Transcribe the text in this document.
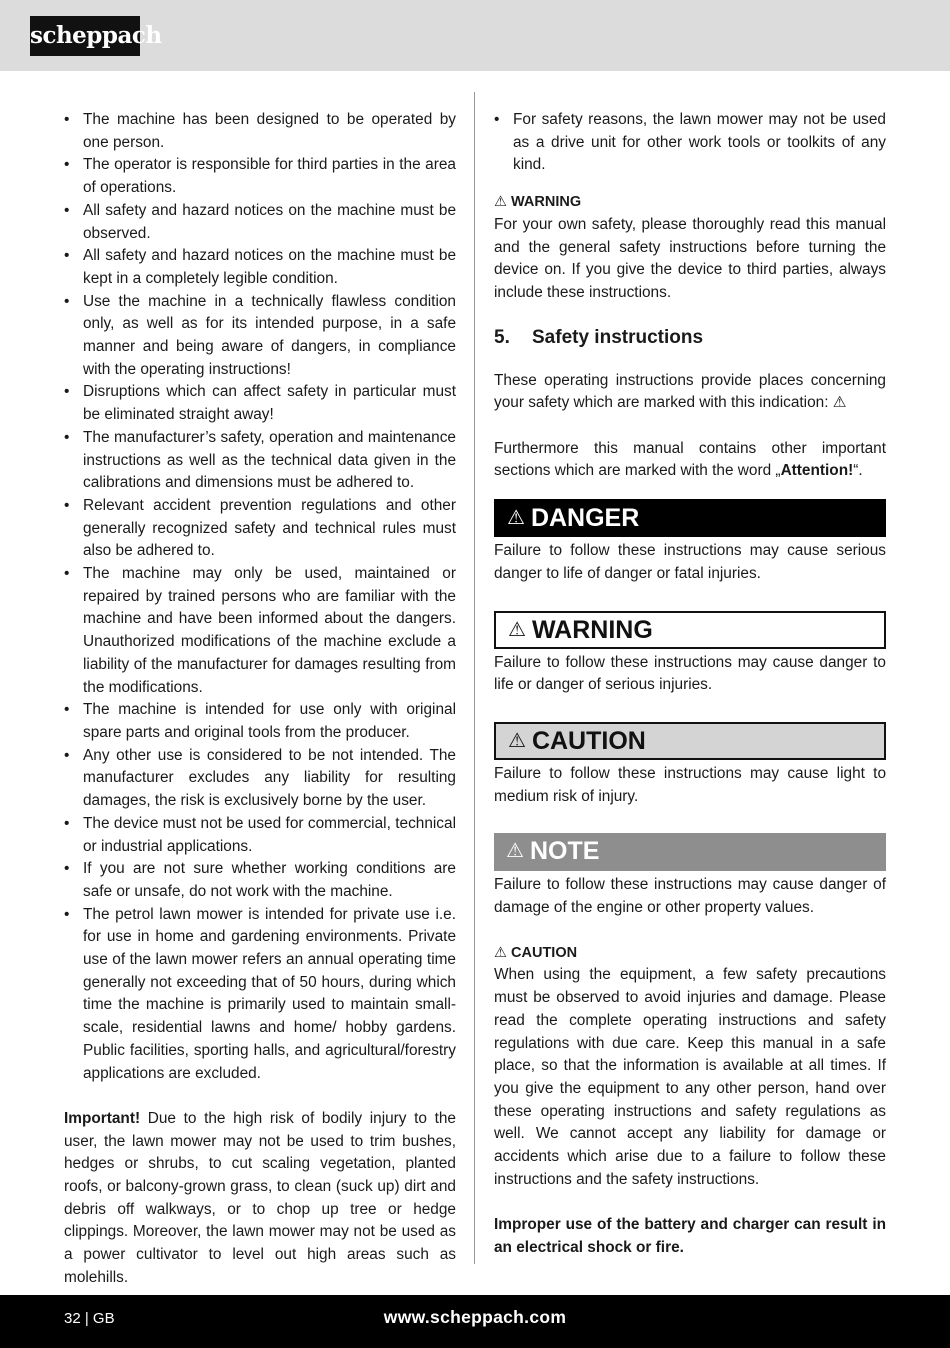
scheppach
• The machine has been designed to be operated by one person.
• The operator is responsible for third parties in the area of operations.
• All safety and hazard notices on the machine must be observed.
• All safety and hazard notices on the machine must be kept in a completely legible condition.
• Use the machine in a technically flawless condition only, as well as for its intended purpose, in a safe manner and being aware of dangers, in compliance with the operating instructions!
• Disruptions which can affect safety in particular must be eliminated straight away!
• The manufacturer’s safety, operation and maintenance instructions as well as the technical data given in the calibrations and dimensions must be adhered to.
• Relevant accident prevention regulations and other generally recognized safety and technical rules must also be adhered to.
• The machine may only be used, maintained or repaired by trained persons who are familiar with the machine and have been informed about the dangers. Unauthorized modifications of the machine exclude a liability of the manufacturer for damages resulting from the modifications.
• The machine is intended for use only with original spare parts and original tools from the producer.
• Any other use is considered to be not intended. The manufacturer excludes any liability for resulting damages, the risk is exclusively borne by the user.
• The device must not be used for commercial, technical or industrial applications.
• If you are not sure whether working conditions are safe or unsafe, do not work with the machine.
• The petrol lawn mower is intended for private use i.e. for use in home and gardening environments. Private use of the lawn mower refers an annual operating time generally not exceeding that of 50 hours, during which time the machine is primarily used to maintain small-scale, residential lawns and home/ hobby gardens. Public facilities, sporting halls, and agricultural/forestry applications are excluded.

Important! Due to the high risk of bodily injury to the user, the lawn mower may not be used to trim bushes, hedges or shrubs, to cut scaling vegetation, planted roofs, or balcony-grown grass, to clean (suck up) dirt and debris off walkways, or to chop up tree or hedge clippings. Moreover, the lawn mower may not be used as a power cultivator to level out high areas such as molehills.

• For safety reasons, the lawn mower may not be used as a drive unit for other work tools or toolkits of any kind.
⚠ WARNING

For your own safety, please thoroughly read this manual and the general safety instructions before turning the device on. If you give the device to third parties, always include these instructions.

5. Safety instructions

These operating instructions provide places concerning your safety which are marked with this indication: ⚠

Furthermore this manual contains other important sections which are marked with the word „Attention!“.

⚠ DANGER

Failure to follow these instructions may cause serious danger to life of danger or fatal injuries.

⚠ WARNING

Failure to follow these instructions may cause danger to life or danger of serious injuries.

⚠ CAUTION

Failure to follow these instructions may cause light to medium risk of injury.

⚠ NOTE

Failure to follow these instructions may cause danger of damage of the engine or other property values.

⚠ CAUTION

When using the equipment, a few safety precautions must be observed to avoid injuries and damage. Please read the complete operating instructions and safety regulations with due care. Keep this manual in a safe place, so that the information is available at all times. If you give the equipment to any other person, hand over these operating instructions and safety regulations as well. We cannot accept any liability for damage or accidents which arise due to a failure to follow these instructions and the safety instructions.

Improper use of the battery and charger can result in an electrical shock or fire.

32 | GB	www.scheppach.com
